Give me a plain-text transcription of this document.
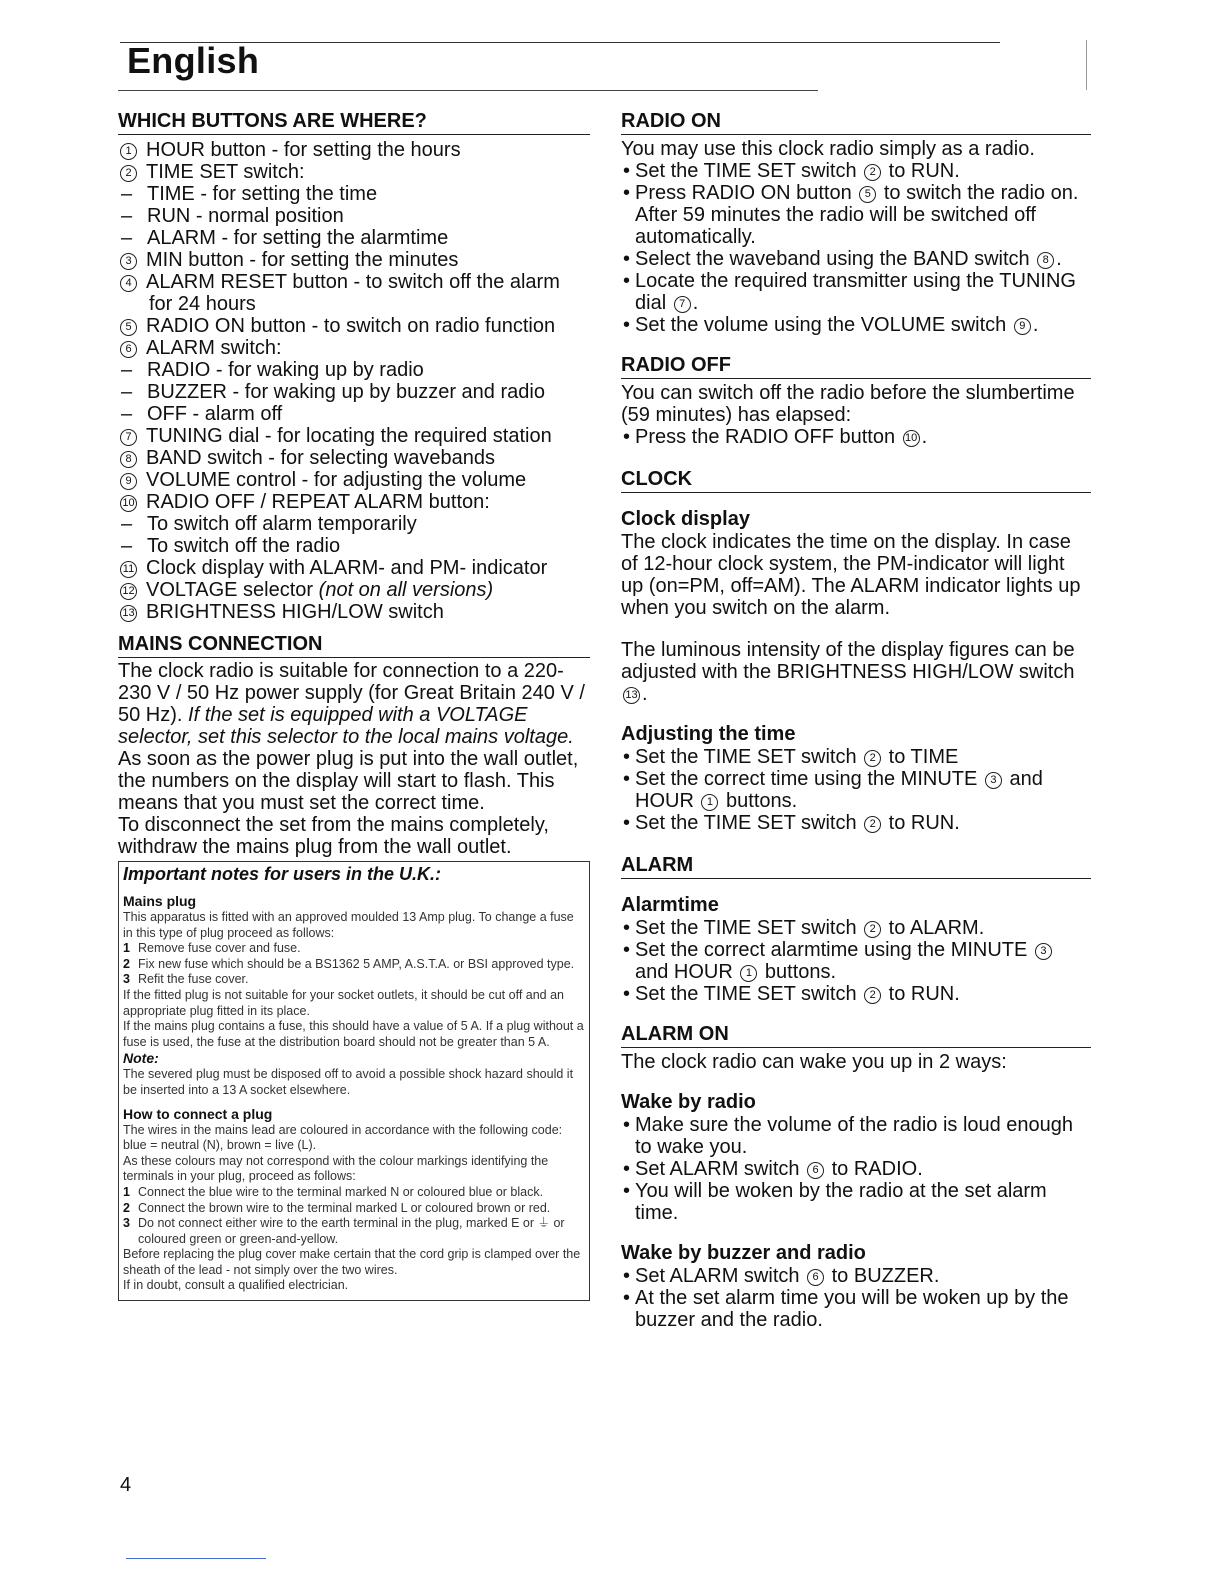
English
WHICH BUTTONS ARE WHERE?
1 HOUR button - for setting the hours
2 TIME SET switch:
– TIME - for setting the time
– RUN - normal position
– ALARM - for setting the alarmtime
3 MIN button - for setting the minutes
4 ALARM RESET button - to switch off the alarm
for 24 hours
5 RADIO ON button - to switch on radio function
6 ALARM switch:
– RADIO - for waking up by radio
– BUZZER - for waking up by buzzer and radio
– OFF - alarm off
7 TUNING dial - for locating the required station
8 BAND switch - for selecting wavebands
9 VOLUME control - for adjusting the volume
10 RADIO OFF / REPEAT ALARM button:
– To switch off alarm temporarily
– To switch off the radio
11 Clock display with ALARM- and PM- indicator
12 VOLTAGE selector (not on all versions)
13 BRIGHTNESS HIGH/LOW switch
MAINS CONNECTION
The clock radio is suitable for connection to a 220-230 V / 50 Hz power supply (for Great Britain 240 V / 50 Hz). If the set is equipped with a VOLTAGE selector, set this selector to the local mains voltage.
As soon as the power plug is put into the wall outlet, the numbers on the display will start to flash. This means that you must set the correct time.
To disconnect the set from the mains completely, withdraw the mains plug from the wall outlet.
Important notes for users in the U.K.:
Mains plug
This apparatus is fitted with an approved moulded 13 Amp plug. To change a fuse in this type of plug proceed as follows:
1 Remove fuse cover and fuse.
2 Fix new fuse which should be a BS1362 5 AMP, A.S.T.A. or BSI approved type.
3 Refit the fuse cover.
If the fitted plug is not suitable for your socket outlets, it should be cut off and an appropriate plug fitted in its place.
If the mains plug contains a fuse, this should have a value of 5 A. If a plug without a fuse is used, the fuse at the distribution board should not be greater than 5 A.
Note:
The severed plug must be disposed off to avoid a possible shock hazard should it be inserted into a 13 A socket elsewhere.
How to connect a plug
The wires in the mains lead are coloured in accordance with the following code: blue = neutral (N), brown = live (L).
As these colours may not correspond with the colour markings identifying the terminals in your plug, proceed as follows:
1 Connect the blue wire to the terminal marked N or coloured blue or black.
2 Connect the brown wire to the terminal marked L or coloured brown or red.
3 Do not connect either wire to the earth terminal in the plug, marked E or ⏚ or coloured green or green-and-yellow.
Before replacing the plug cover make certain that the cord grip is clamped over the sheath of the lead - not simply over the two wires.
If in doubt, consult a qualified electrician.
RADIO ON
You may use this clock radio simply as a radio.
• Set the TIME SET switch 2 to RUN.
• Press RADIO ON button 5 to switch the radio on. After 59 minutes the radio will be switched off automatically.
• Select the waveband using the BAND switch 8 .
• Locate the required transmitter using the TUNING dial 7 .
• Set the volume using the VOLUME switch 9 .
RADIO OFF
You can switch off the radio before the slumbertime (59 minutes) has elapsed:
• Press the RADIO OFF button 10 .
CLOCK
Clock display
The clock indicates the time on the display. In case of 12-hour clock system, the PM-indicator will light up (on=PM, off=AM). The ALARM indicator lights up when you switch on the alarm.
The luminous intensity of the display figures can be adjusted with the BRIGHTNESS HIGH/LOW switch 13 .
Adjusting the time
• Set the TIME SET switch 2 to TIME
• Set the correct time using the MINUTE 3 and HOUR 1 buttons.
• Set the TIME SET switch 2 to RUN.
ALARM
Alarmtime
• Set the TIME SET switch 2 to ALARM.
• Set the correct alarmtime using the MINUTE 3 and HOUR 1 buttons.
• Set the TIME SET switch 2 to RUN.
ALARM ON
The clock radio can wake you up in 2 ways:
Wake by radio
• Make sure the volume of the radio is loud enough to wake you.
• Set ALARM switch 6 to RADIO.
• You will be woken by the radio at the set alarm time.
Wake by buzzer and radio
• Set ALARM switch 6 to BUZZER.
• At the set alarm time you will be woken up by the buzzer and the radio.
4
